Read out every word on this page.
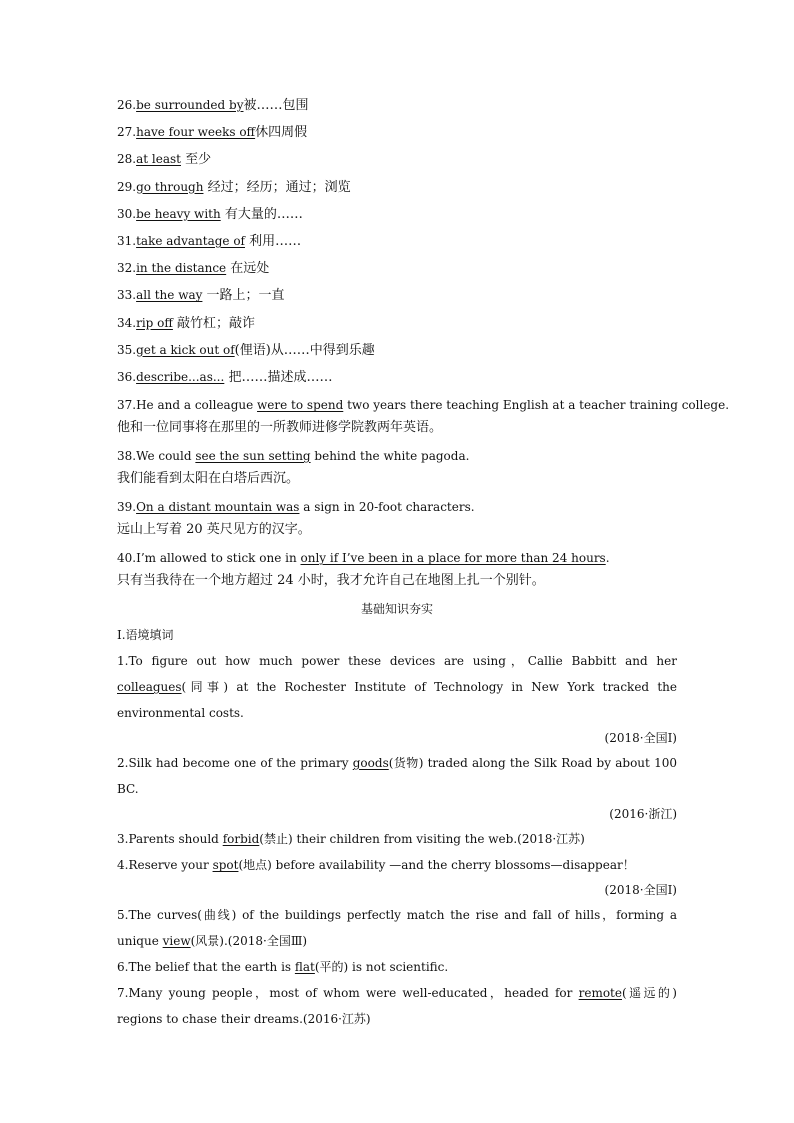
26.be surrounded by被……包围
27.have four weeks off休四周假
28.at least 至少
29.go through 经过；经历；通过；浏览
30.be heavy with 有大量的……
31.take advantage of 利用……
32.in the distance 在远处
33.all the way 一路上；一直
34.rip off 敲竹杠；敲诈
35.get a kick out of(俚语)从……中得到乐趣
36.describe...as... 把……描述成……
37.He and a colleague were to spend two years there teaching English at a teacher training college.
他和一位同事将在那里的一所教师进修学院教两年英语。
38.We could see the sun setting behind the white pagoda.
我们能看到太阳在白塔后西沉。
39.On a distant mountain was a sign in 20-foot characters.
远山上写着 20 英尺见方的汉字。
40.I’m allowed to stick one in only if I’ve been in a place for more than 24 hours.
只有当我待在一个地方超过 24 小时，我才允许自己在地图上扎一个别针。
基础知识夯实
Ⅰ.语境填词
1.To figure out how much power these devices are using，Callie Babbitt and her colleagues(同事) at the Rochester Institute of Technology in New York tracked the environmental costs.
(2018·全国Ⅰ)
2.Silk had become one of the primary goods(货物) traded along the Silk Road by about 100 BC.
(2016·浙江)
3.Parents should forbid(禁止) their children from visiting the web.(2018·江苏)
4.Reserve your spot(地点) before availability —and the cherry blossoms—disappear！
(2018·全国Ⅰ)
5.The curves(曲线) of the buildings perfectly match the rise and fall of hills，forming a unique view(风景).(2018·全国Ⅲ)
6.The belief that the earth is flat(平的) is not scientific.
7.Many young people，most of whom were well-educated，headed for remote(遥远的) regions to chase their dreams.(2016·江苏)
